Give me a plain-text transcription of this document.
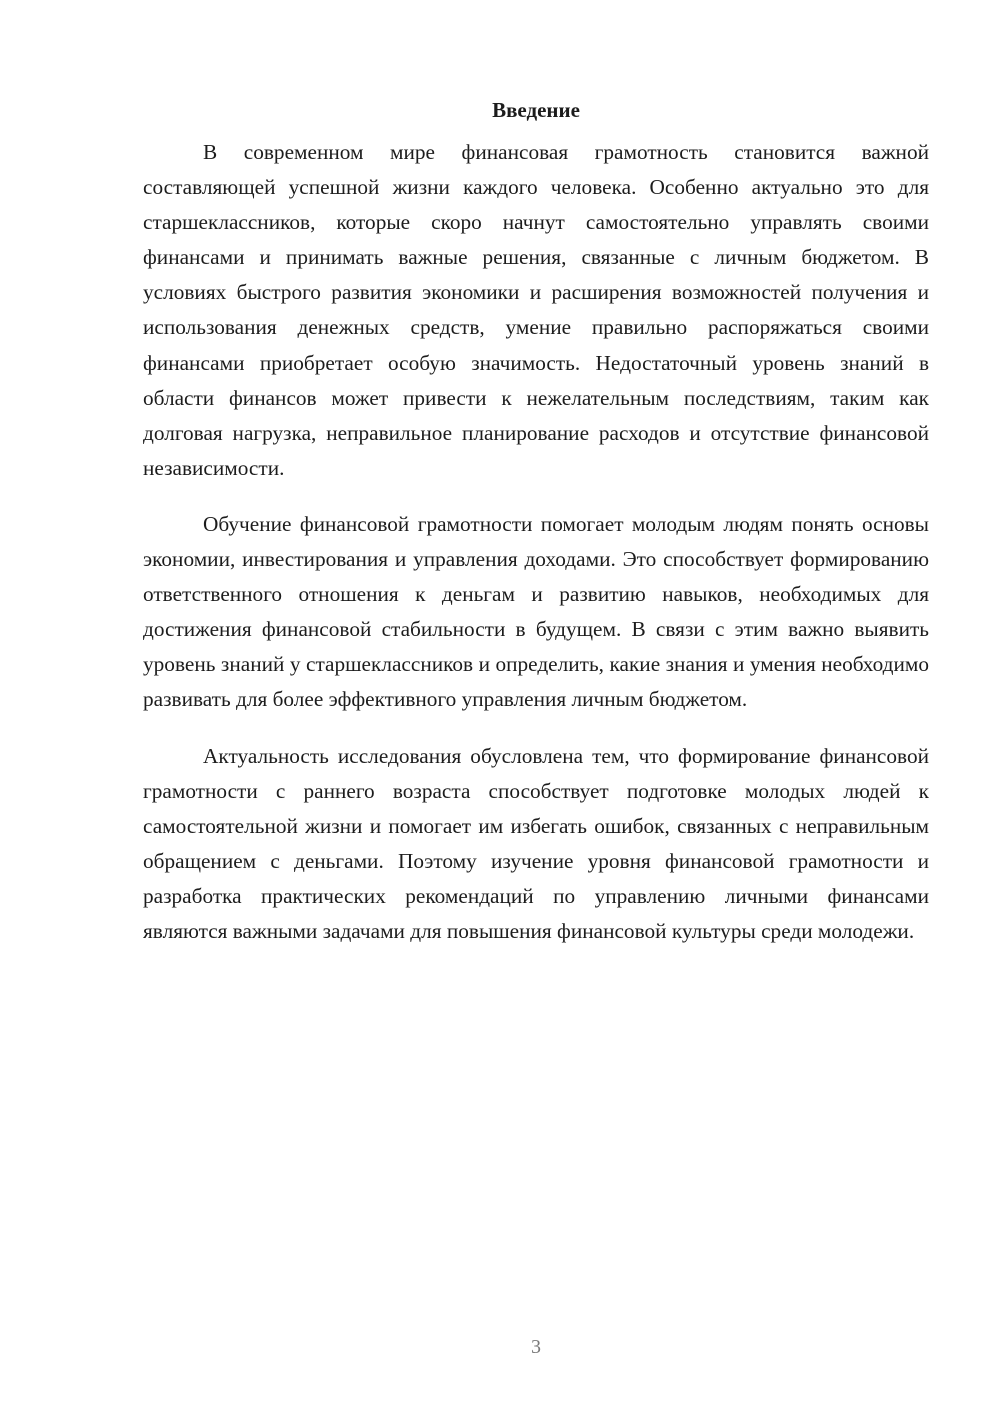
Введение

В современном мире финансовая грамотность становится важной составляющей успешной жизни каждого человека. Особенно актуально это для старшеклассников, которые скоро начнут самостоятельно управлять своими финансами и принимать важные решения, связанные с личным бюджетом. В условиях быстрого развития экономики и расширения возможностей получения и использования денежных средств, умение правильно распоряжаться своими финансами приобретает особую значимость. Недостаточный уровень знаний в области финансов может привести к нежелательным последствиям, таким как долговая нагрузка, неправильное планирование расходов и отсутствие финансовой независимости.

Обучение финансовой грамотности помогает молодым людям понять основы экономии, инвестирования и управления доходами. Это способствует формированию ответственного отношения к деньгам и развитию навыков, необходимых для достижения финансовой стабильности в будущем. В связи с этим важно выявить уровень знаний у старшеклассников и определить, какие знания и умения необходимо развивать для более эффективного управления личным бюджетом.

Актуальность исследования обусловлена тем, что формирование финансовой грамотности с раннего возраста способствует подготовке молодых людей к самостоятельной жизни и помогает им избегать ошибок, связанных с неправильным обращением с деньгами. Поэтому изучение уровня финансовой грамотности и разработка практических рекомендаций по управлению личными финансами являются важными задачами для повышения финансовой культуры среди молодежи.

3
